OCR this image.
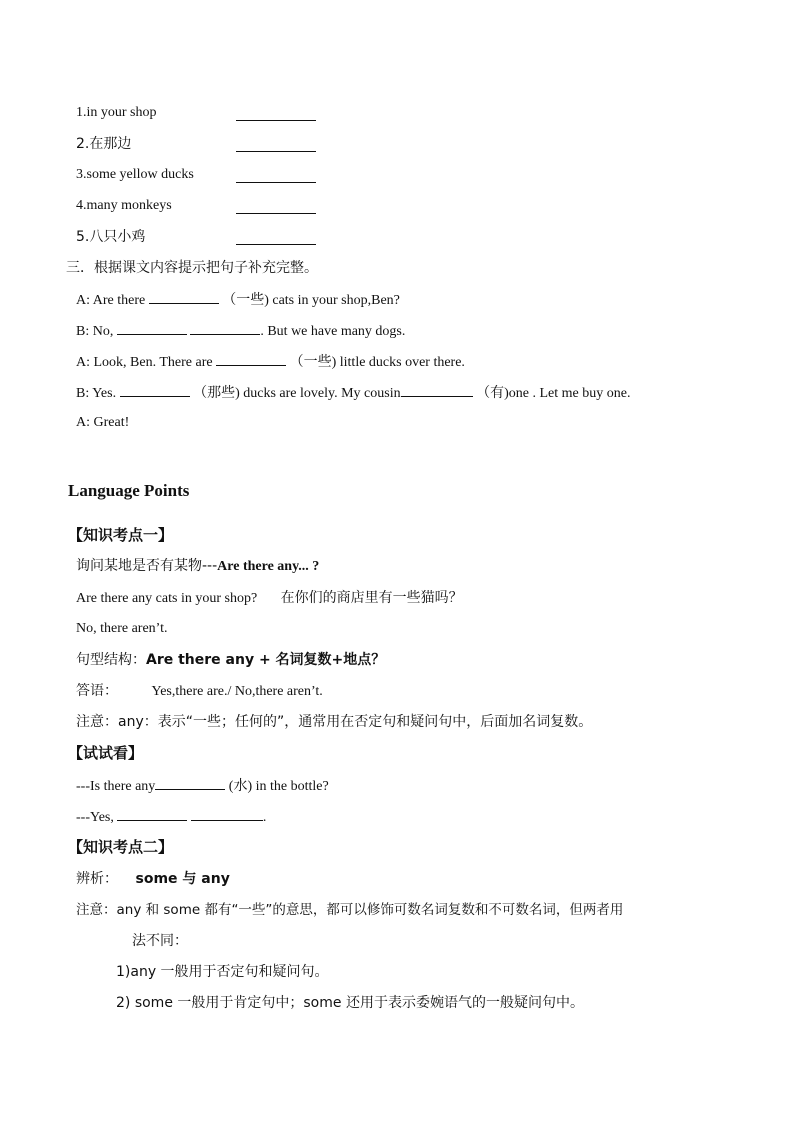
1.in your shop
2.在那边
3.some yellow ducks
4.many monkeys
5.八只小鸡
三．根据课文内容提示把句子补充完整。
A: Are there	（一些) cats in your shop,Ben?
B: No,	. But we have many dogs.
A: Look, Ben. There are	（一些) little ducks over there.
B: Yes.	（那些) ducks are lovely. My cousin	（有)one . Let me buy one.
A: Great!
Language Points
【知识考点一】
询问某地是否有某物---Are there any... ?
Are there any cats in your shop? 在你们的商店里有一些猫吗？
No, there aren’t.
句型结构：Are there any + 名词复数+地点？
答语： Yes,there are./ No,there aren’t.
注意：any：表示“一些；任何的”，通常用在否定句和疑问句中，后面加名词复数。
【试试看】
---Is there any	(水) in the bottle?
---Yes,	.
【知识考点二】
辨析： some 与 any
注意：any 和 some 都有“一些”的意思，都可以修饰可数名词复数和不可数名词，但两者用
法不同：
1)any 一般用于否定句和疑问句。
2) some 一般用于肯定句中；some 还用于表示委婉语气的一般疑问句中。
